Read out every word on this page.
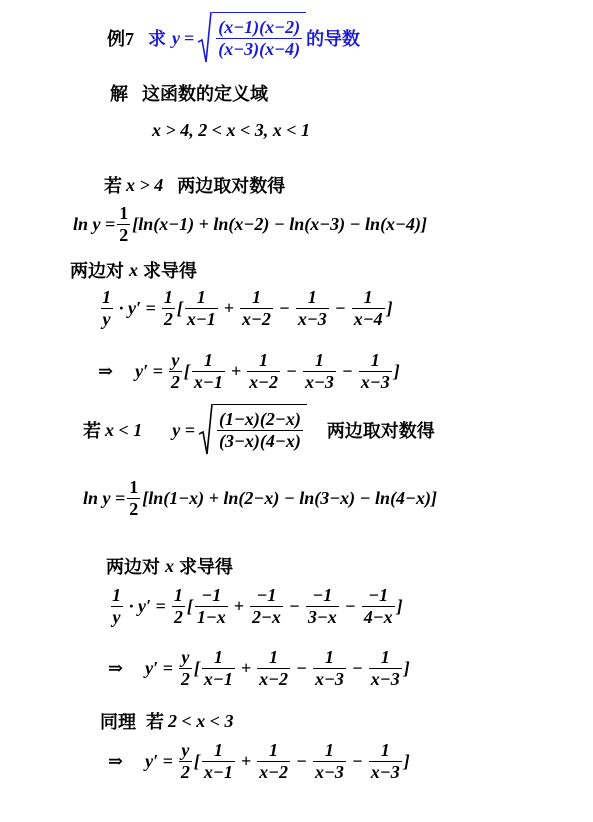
例7 求 $y = \frac{(x-1)(x-2)}{(x-3)(x-4)}$ 的导数
解 这函数的定义域
x > 4, 2 < x < 3, x < 1
若 x > 4 两边取对数得
$\ln y = \frac{1}{2} [\ln(x-1) + \ln(x-2) - \ln(x-3) - \ln(x-4)]$
两边对 x 求导得
$\frac{1}{y} \cdot y' = \frac{1}{2}$ [ $\frac{1}{x-1} + \frac{1}{x-2} - \frac{1}{x-3} - \frac{1}{x-4}$ ]
⇒ $y' = \frac{y}{2}$ [ $\frac{1}{x-1} + \frac{1}{x-2} - \frac{1}{x-3} - \frac{1}{x-3}$ ]
若 x < 1 $y = \frac{(1-x)(2-x)}{(3-x)(4-x)}$ 两边取对数得
$\ln y = \frac{1}{2} [\ln(1-x) + \ln(2-x) - \ln(3-x) - \ln(4-x)]$
两边对 x 求导得
$\frac{1}{y} \cdot y' = \frac{1}{2}$ [ $\frac{-1}{1-x} + \frac{-1}{2-x} - \frac{-1}{3-x} - \frac{-1}{4-x}$ ]
⇒ $y' = \frac{y}{2}$ [ $\frac{1}{x-1} + \frac{1}{x-2} - \frac{1}{x-3} - \frac{1}{x-3}$ ]
同理 若 2 < x < 3
⇒ $y' = \frac{y}{2}$ [ $\frac{1}{x-1} + \frac{1}{x-2} - \frac{1}{x-3} - \frac{1}{x-3}$ ]
